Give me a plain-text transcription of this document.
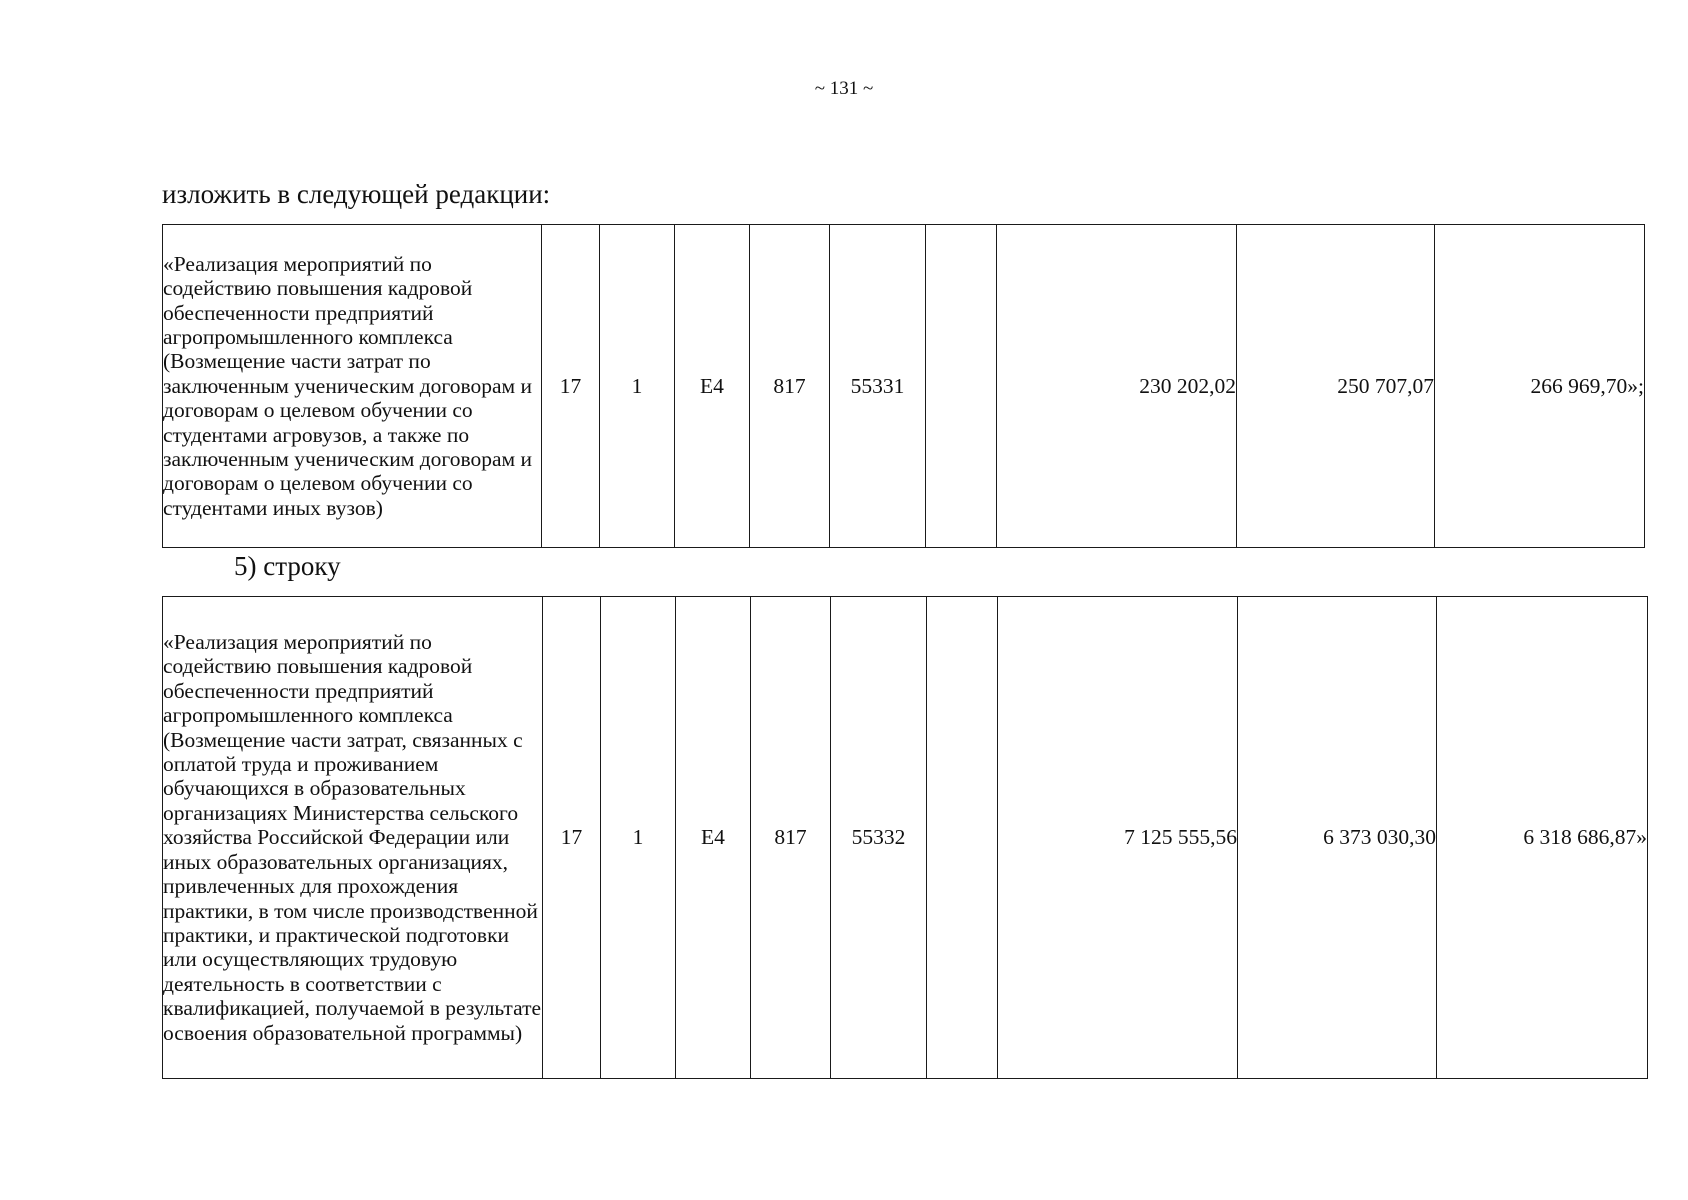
~ 131 ~
изложить в следующей редакции:
«Реализация мероприятий по содействию повышения кадровой обеспеченности предприятий агропромышленного комплекса (Возмещение части затрат по заключенным ученическим договорам и договорам о целевом обучении со студентами агровузов, а также по заключенным ученическим договорам и договорам о целевом обучении со студентами иных вузов)	17	1	E4	817	55331		230 202,02	250 707,07	266 969,70»;
5) строку
«Реализация мероприятий по содействию повышения кадровой обеспеченности предприятий агропромышленного комплекса (Возмещение части затрат, связанных с оплатой труда и проживанием обучающихся в образовательных организациях Министерства сельского хозяйства Российской Федерации или иных образовательных организациях, привлеченных для прохождения практики, в том числе производственной практики, и практической подготовки или осуществляющих трудовую деятельность в соответствии с квалификацией, получаемой в результате освоения образовательной программы)	17	1	E4	817	55332		7 125 555,56	6 373 030,30	6 318 686,87»
